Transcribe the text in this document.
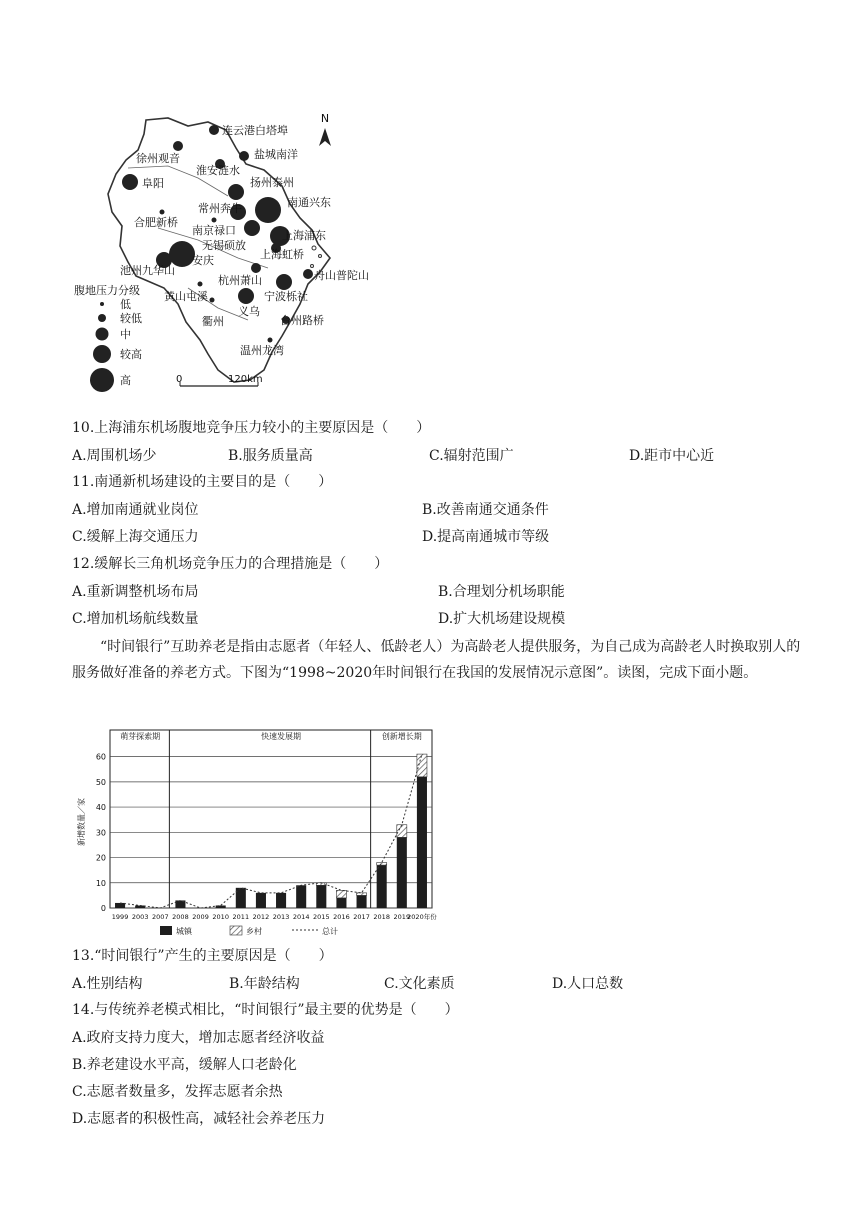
N
连云港白塔埠
徐州观音	盐城南洋
淮安涟水
阜阳	扬州泰州
常州奔牛	南通兴东
合肥新桥
南京禄口
无锡硕放
上海浦东
安庆
池州九华山
上海虹桥
舟山普陀山
杭州萧山
黄山屯溪	宁波栎社
衢州
义乌
台州路桥
温州龙湾
腹地压力分级
低
较低
中
较高
高	0	120km
10.上海浦东机场腹地竞争压力较小的主要原因是（　　）
A.周围机场少	B.服务质量高	C.辐射范围广	D.距市中心近
11.南通新机场建设的主要目的是（　　）
A.增加南通就业岗位	B.改善南通交通条件
C.缓解上海交通压力	D.提高南通城市等级
12.缓解长三角机场竞争压力的合理措施是（　　）
A.重新调整机场布局	B.合理划分机场职能
C.增加机场航线数量	D.扩大机场建设规模
“时间银行”互助养老是指由志愿者（年轻人、低龄老人）为高龄老人提供服务，为自己成为高龄老人时换取别人的服务做好准备的养老方式。下图为“1998~2020年时间银行在我国的发展情况示意图”。读图，完成下面小题。
0
10
20
30
40
50
60
萌芽探索期	快速发展期	创新增长期
1999 2003 2007 2008 2009 2010 2011 2012 2013 2014 2015 2016 2017 2018 2019
2020年份
城镇	乡村	总计
新增数量／家
13.“时间银行”产生的主要原因是（　　）
A.性别结构	B.年龄结构	C.文化素质	D.人口总数
14.与传统养老模式相比，“时间银行”最主要的优势是（　　）
A.政府支持力度大，增加志愿者经济收益
B.养老建设水平高，缓解人口老龄化
C.志愿者数量多，发挥志愿者余热
D.志愿者的积极性高，减轻社会养老压力
